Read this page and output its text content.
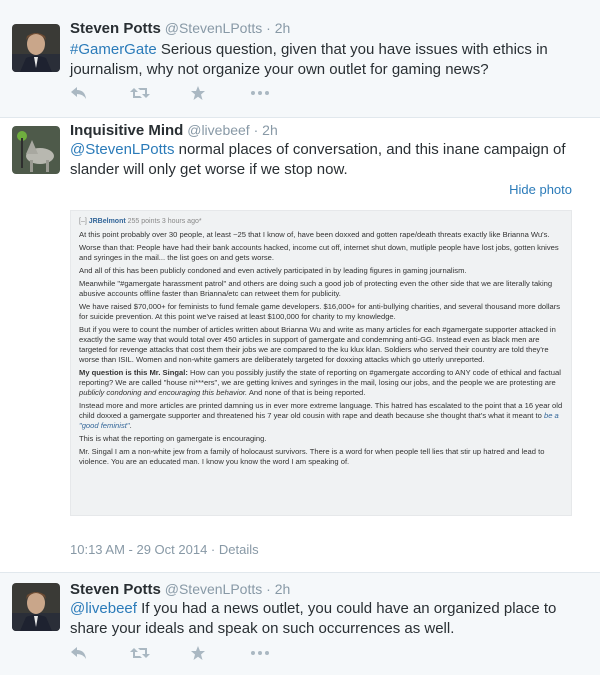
Steven Potts @StevenLPotts · 2h
#GamerGate Serious question, given that you have issues with ethics in journalism, why not organize your own outlet for gaming news?
Inquisitive Mind @livebeef · 2h
@StevenLPotts normal places of conversation, and this inane campaign of slander will only get worse if we stop now.
Hide photo
[–] JRBelmont 255 points 3 hours ago*

At this point probably over 30 people, at least ~25 that I know of, have been doxxed and gotten rape/death threats exactly like Brianna Wu's.

Worse than that: People have had their bank accounts hacked, income cut off, internet shut down, mutliple people have lost jobs, gotten knives and syringes in the mail... the list goes on and gets worse.

And all of this has been publicly condoned and even actively participated in by leading figures in gaming journalism.

Meanwhile "#gamergate harassment patrol" and others are doing such a good job of protecting even the other side that we are literally taking abusive accounts offline faster than Brianna/etc can retweet them for publicity.

We have raised $70,000+ for feminists to fund female game developers. $16,000+ for anti-bullying charities, and several thousand more dollars for suicide prevention. At this point we've raised at least $100,000 for charity to my knowledge.

But if you were to count the number of articles written about Brianna Wu and write as many articles for each #gamergate supporter attacked in exactly the same way that would total over 450 articles in support of gamergate and condemning anti-GG. Instead even as black men are targeted for revenge attacks that cost them their jobs we are compared to the ku klux klan. Soldiers who served their country are told they're worse than ISIL. Women and non-white gamers are deliberately targeted for doxxing attacks which go utterly unreported.

My question is this Mr. Singal: How can you possibly justify the state of reporting on #gamergate according to ANY code of ethical and factual reporting? We are called "house ni***ers", we are getting knives and syringes in the mail, losing our jobs, and the people we are protesting are publicly condoning and encouraging this behavior. And none of that is being reported.

Instead more and more articles are printed damning us in ever more extreme language. This hatred has escalated to the point that a 16 year old child doxxed a gamergate supporter and threatened his 7 year old cousin with rape and death because she thought that's what it meant to be a "good feminist".

This is what the reporting on gamergate is encouraging.

Mr. Singal I am a non-white jew from a family of holocaust survivors. There is a word for when people tell lies that stir up hatred and lead to violence. You are an educated man. I know you know the word I am speaking of.

10:13 AM - 29 Oct 2014 · Details
Steven Potts @StevenLPotts · 2h
@livebeef If you had a news outlet, you could have an organized place to share your ideals and speak on such occurrences as well.
